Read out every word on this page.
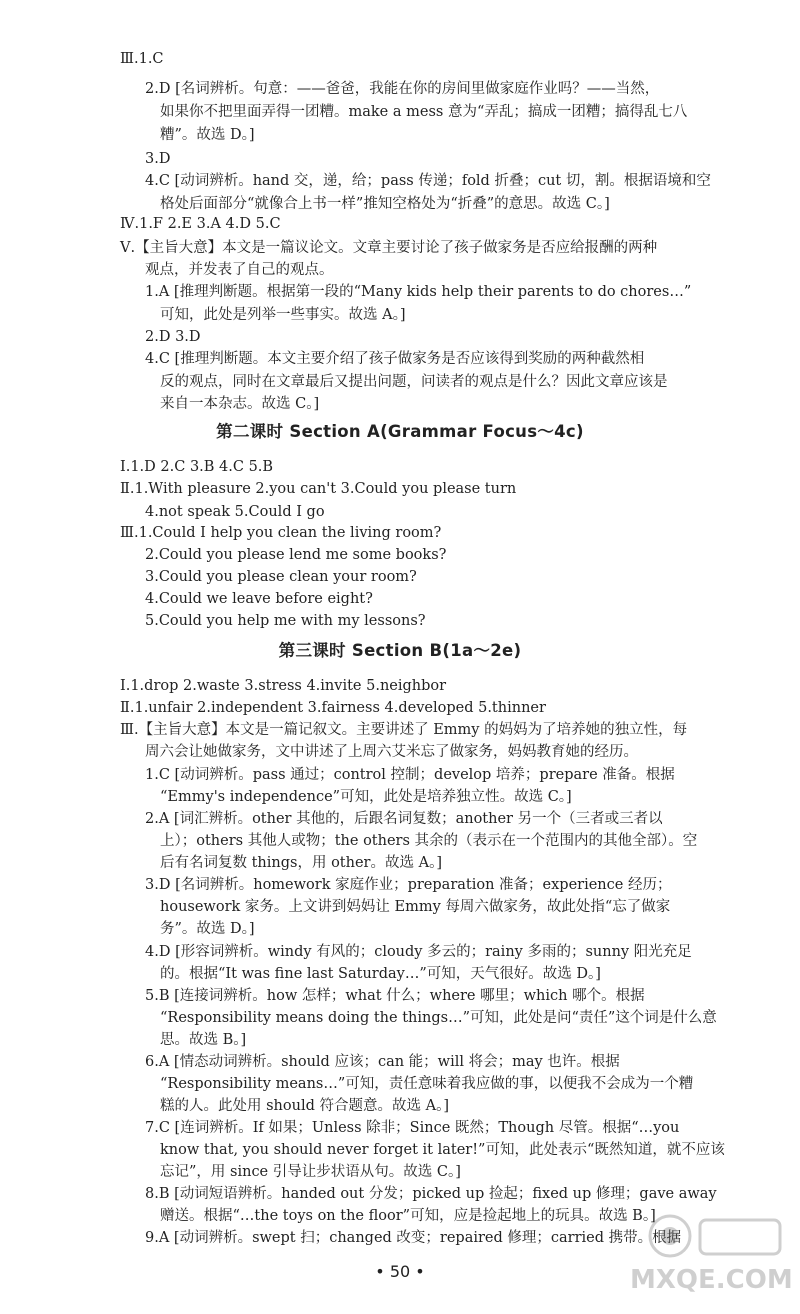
Ⅲ.1.C
2.D [名词辨析。句意：——爸爸，我能在你的房间里做家庭作业吗？——当然，
如果你不把里面弄得一团糟。make a mess 意为“弄乱；搞成一团糟；搞得乱七八
糟”。故选 D。]
3.D
4.C [动词辨析。hand 交，递，给；pass 传递；fold 折叠；cut 切，割。根据语境和空
格处后面部分“就像合上书一样”推知空格处为“折叠”的意思。故选 C。]
Ⅳ.1.F 2.E 3.A 4.D 5.C
Ⅴ.【主旨大意】本文是一篇议论文。文章主要讨论了孩子做家务是否应给报酬的两种
观点，并发表了自己的观点。
1.A [推理判断题。根据第一段的“Many kids help their parents to do chores…”
可知，此处是列举一些事实。故选 A。]
2.D 3.D
4.C [推理判断题。本文主要介绍了孩子做家务是否应该得到奖励的两种截然相
反的观点，同时在文章最后又提出问题，问读者的观点是什么？因此文章应该是
来自一本杂志。故选 C。]
Ⅰ.1.D 2.C 3.B 4.C 5.B
Ⅱ.1.With pleasure 2.you can't 3.Could you please turn
4.not speak 5.Could I go
Ⅲ.1.Could I help you clean the living room?
2.Could you please lend me some books?
3.Could you please clean your room?
4.Could we leave before eight?
5.Could you help me with my lessons?
Ⅰ.1.drop 2.waste 3.stress 4.invite 5.neighbor
Ⅱ.1.unfair 2.independent 3.fairness 4.developed 5.thinner
Ⅲ.【主旨大意】本文是一篇记叙文。主要讲述了 Emmy 的妈妈为了培养她的独立性，每
周六会让她做家务，文中讲述了上周六艾米忘了做家务，妈妈教育她的经历。
1.C [动词辨析。pass 通过；control 控制；develop 培养；prepare 准备。根据
“Emmy's independence”可知，此处是培养独立性。故选 C。]
2.A [词汇辨析。other 其他的，后跟名词复数；another 另一个（三者或三者以
上）；others 其他人或物；the others 其余的（表示在一个范围内的其他全部）。空
后有名词复数 things，用 other。故选 A。]
3.D [名词辨析。homework 家庭作业；preparation 准备；experience 经历；
housework 家务。上文讲到妈妈让 Emmy 每周六做家务，故此处指“忘了做家
务”。故选 D。]
4.D [形容词辨析。windy 有风的；cloudy 多云的；rainy 多雨的；sunny 阳光充足
的。根据“It was fine last Saturday…”可知，天气很好。故选 D。]
5.B [连接词辨析。how 怎样；what 什么；where 哪里；which 哪个。根据
“Responsibility means doing the things…”可知，此处是问“责任”这个词是什么意
思。故选 B。]
6.A [情态动词辨析。should 应该；can 能；will 将会；may 也许。根据
“Responsibility means…”可知，责任意味着我应做的事，以便我不会成为一个糟
糕的人。此处用 should 符合题意。故选 A。]
7.C [连词辨析。If 如果；Unless 除非；Since 既然；Though 尽管。根据“…you
know that, you should never forget it later!”可知，此处表示“既然知道，就不应该
忘记”，用 since 引导让步状语从句。故选 C。]
8.B [动词短语辨析。handed out 分发；picked up 捡起；fixed up 修理；gave away
赠送。根据“…the toys on the floor”可知，应是捡起地上的玩具。故选 B。]
9.A [动词辨析。swept 扫；changed 改变；repaired 修理；carried 携带。根据
第二课时 Section A(Grammar Focus～4c)
第三课时 Section B(1a～2e)
• 50 •	MXQE.COM
